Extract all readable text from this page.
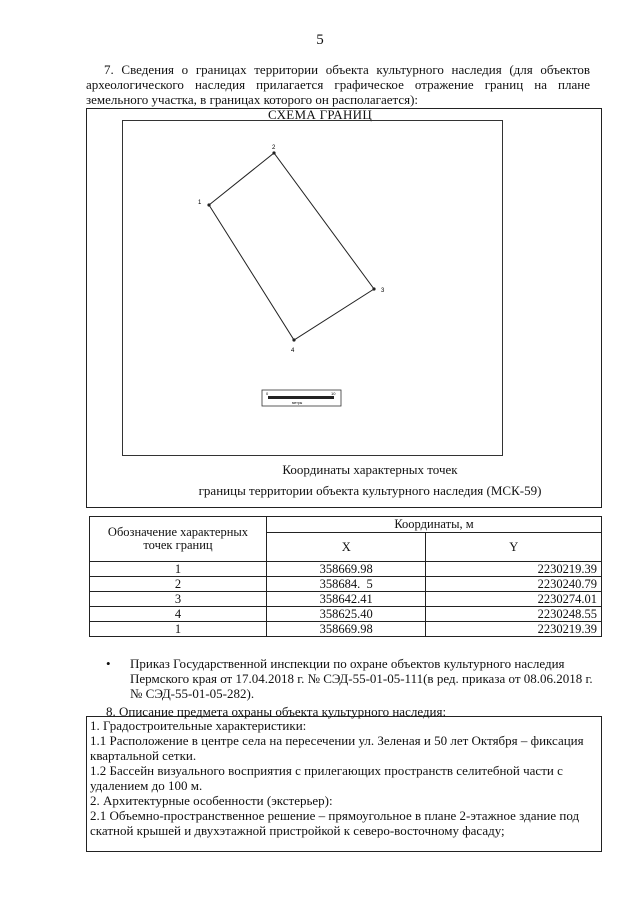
5
7. Сведения о границах территории объекта культурного наследия (для объектов археологического наследия прилагается графическое отражение границ на плане земельного участка, в границах которого он располагается):
СХЕМА ГРАНИЦ
1
2
3
4
0	10
метры
Координаты характерных точек
границы территории объекта культурного наследия (МСК-59)
Обозначение характерных точек границ	Координаты, м	
	X	Y
1	358669.98	2230219.39
2	358684.  5	2230240.79
3	358642.41	2230274.01
4	358625.40	2230248.55
1	358669.98	2230219.39
• Приказ Государственной инспекции по охране объектов культурного наследия Пермского края от 17.04.2018 г. № СЭД-55-01-05-111(в ред. приказа от 08.06.2018 г. № СЭД-55-01-05-282).
8. Описание предмета охраны объекта культурного наследия:
1. Градостроительные характеристики:
1.1 Расположение в центре села на пересечении ул. Зеленая и 50 лет Октября – фиксация
квартальной сетки.
1.2 Бассейн визуального восприятия с прилегающих пространств селитебной части с
удалением до 100 м.
2. Архитектурные особенности (экстерьер):
2.1 Объемно-пространственное решение – прямоугольное в плане 2-этажное здание под
скатной крышей и двухэтажной пристройкой к северо-восточному фасаду;
